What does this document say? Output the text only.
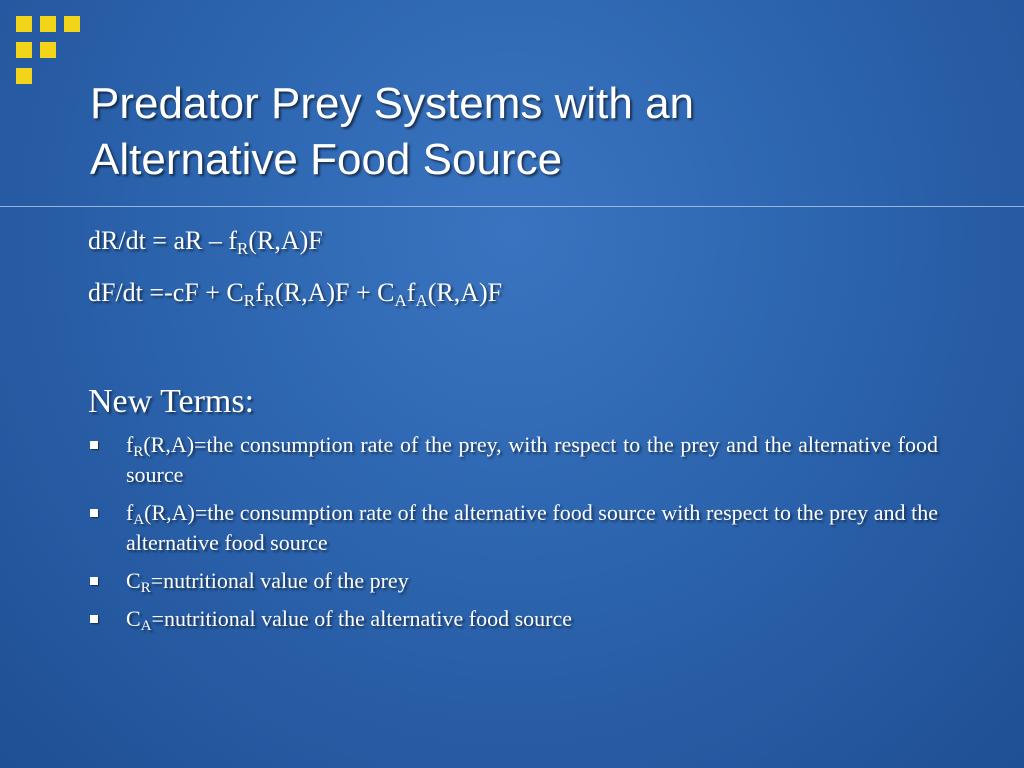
Predator Prey Systems with an
Alternative Food Source
dR/dt = aR – $f_R(R,A)F$
$dF/dt =-cF + C_Rf_R(R,A)F + C_Af_A(R,A)F$
New Terms:
$f_R(R,A)=the$ consumption rate of the prey, with respect to the prey and the alternative food source
$f_A(R,A)=the$ consumption rate of the alternative food source with respect to the prey and the alternative food source
$C_R=nutritional$ value of the prey
$C_A=nutritional$ value of the alternative food source
